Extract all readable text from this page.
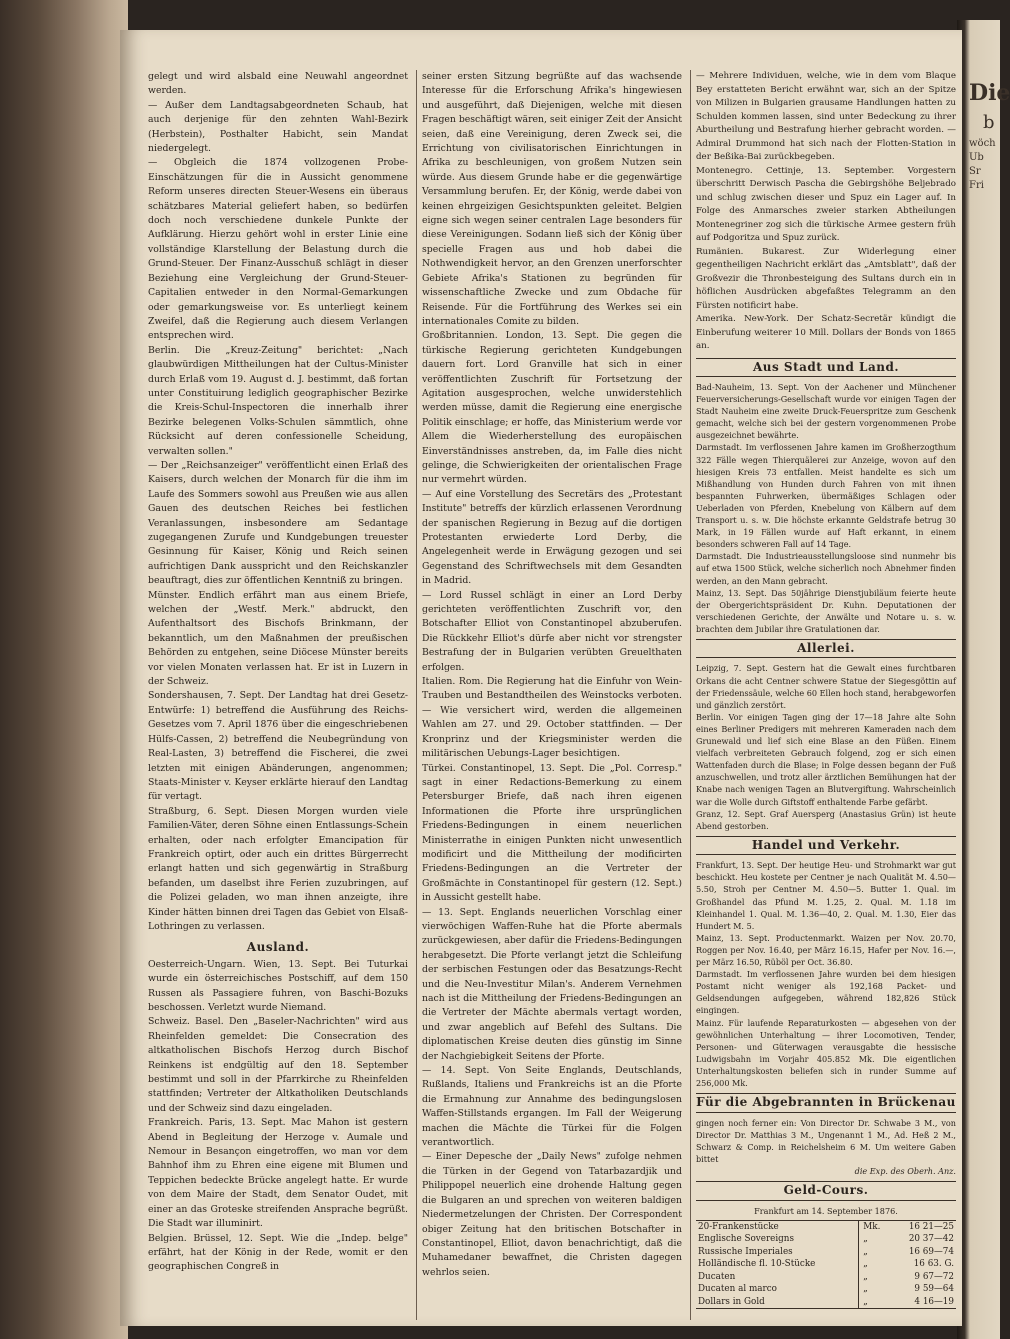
Die
b
wöch
Ub
Sr
Fri

gelegt und wird alsbald eine Neuwahl angeordnet werden.

— Außer dem Landtagsabgeordneten Schaub, hat auch derjenige für den zehnten Wahl-Bezirk (Herbstein), Posthalter Habicht, sein Mandat niedergelegt.

— Obgleich die 1874 vollzogenen Probe-Einschätzungen für die in Aussicht genommene Reform unseres directen Steuer-Wesens ein überaus schätzbares Material geliefert haben, so bedürfen doch noch verschiedene dunkele Punkte der Aufklärung. Hierzu gehört wohl in erster Linie eine vollständige Klarstellung der Belastung durch die Grund-Steuer. Der Finanz-Ausschuß schlägt in dieser Beziehung eine Vergleichung der Grund-Steuer-Capitalien entweder in den Normal-Gemarkungen oder gemarkungsweise vor. Es unterliegt keinem Zweifel, daß die Regierung auch diesem Verlangen entsprechen wird.

Berlin. Die „Kreuz-Zeitung" berichtet: „Nach glaubwürdigen Mittheilungen hat der Cultus-Minister durch Erlaß vom 19. August d. J. bestimmt, daß fortan unter Constituirung lediglich geographischer Bezirke die Kreis-Schul-Inspectoren die innerhalb ihrer Bezirke belegenen Volks-Schulen sämmtlich, ohne Rücksicht auf deren confessionelle Scheidung, verwalten sollen."

— Der „Reichsanzeiger" veröffentlicht einen Erlaß des Kaisers, durch welchen der Monarch für die ihm im Laufe des Sommers sowohl aus Preußen wie aus allen Gauen des deutschen Reiches bei festlichen Veranlassungen, insbesondere am Sedantage zugegangenen Zurufe und Kundgebungen treuester Gesinnung für Kaiser, König und Reich seinen aufrichtigen Dank ausspricht und den Reichskanzler beauftragt, dies zur öffentlichen Kenntniß zu bringen.

Münster. Endlich erfährt man aus einem Briefe, welchen der „Westf. Merk." abdruckt, den Aufenthaltsort des Bischofs Brinkmann, der bekanntlich, um den Maßnahmen der preußischen Behörden zu entgehen, seine Diöcese Münster bereits vor vielen Monaten verlassen hat. Er ist in Luzern in der Schweiz.

Sondershausen, 7. Sept. Der Landtag hat drei Gesetz-Entwürfe: 1) betreffend die Ausführung des Reichs-Gesetzes vom 7. April 1876 über die eingeschriebenen Hülfs-Cassen, 2) betreffend die Neubegründung von Real-Lasten, 3) betreffend die Fischerei, die zwei letzten mit einigen Abänderungen, angenommen; Staats-Minister v. Keyser erklärte hierauf den Landtag für vertagt.

Straßburg, 6. Sept. Diesen Morgen wurden viele Familien-Väter, deren Söhne einen Entlassungs-Schein erhalten, oder nach erfolgter Emancipation für Frankreich optirt, oder auch ein drittes Bürgerrecht erlangt hatten und sich gegenwärtig in Straßburg befanden, um daselbst ihre Ferien zuzubringen, auf die Polizei geladen, wo man ihnen anzeigte, ihre Kinder hätten binnen drei Tagen das Gebiet von Elsaß-Lothringen zu verlassen.

Ausland.

Oesterreich-Ungarn. Wien, 13. Sept. Bei Tuturkai wurde ein österreichisches Postschiff, auf dem 150 Russen als Passagiere fuhren, von Baschi-Bozuks beschossen. Verletzt wurde Niemand.

Schweiz. Basel. Den „Baseler-Nachrichten" wird aus Rheinfelden gemeldet: Die Consecration des altkatholischen Bischofs Herzog durch Bischof Reinkens ist endgültig auf den 18. September bestimmt und soll in der Pfarrkirche zu Rheinfelden stattfinden; Vertreter der Altkatholiken Deutschlands und der Schweiz sind dazu eingeladen.

Frankreich. Paris, 13. Sept. Mac Mahon ist gestern Abend in Begleitung der Herzoge v. Aumale und Nemour in Besançon eingetroffen, wo man vor dem Bahnhof ihm zu Ehren eine eigene mit Blumen und Teppichen bedeckte Brücke angelegt hatte. Er wurde von dem Maire der Stadt, dem Senator Oudet, mit einer an das Groteske streifenden Ansprache begrüßt. Die Stadt war illuminirt.

Belgien. Brüssel, 12. Sept. Wie die „Indep. belge" erfährt, hat der König in der Rede, womit er den geographischen Congreß in

seiner ersten Sitzung begrüßte auf das wachsende Interesse für die Erforschung Afrika's hingewiesen und ausgeführt, daß Diejenigen, welche mit diesen Fragen beschäftigt wären, seit einiger Zeit der Ansicht seien, daß eine Vereinigung, deren Zweck sei, die Errichtung von civilisatorischen Einrichtungen in Afrika zu beschleunigen, von großem Nutzen sein würde. Aus diesem Grunde habe er die gegenwärtige Versammlung berufen. Er, der König, werde dabei von keinen ehrgeizigen Gesichtspunkten geleitet. Belgien eigne sich wegen seiner centralen Lage besonders für diese Vereinigungen. Sodann ließ sich der König über specielle Fragen aus und hob dabei die Nothwendigkeit hervor, an den Grenzen unerforschter Gebiete Afrika's Stationen zu begründen für wissenschaftliche Zwecke und zum Obdache für Reisende. Für die Fortführung des Werkes sei ein internationales Comite zu bilden.

Großbritannien. London, 13. Sept. Die gegen die türkische Regierung gerichteten Kundgebungen dauern fort. Lord Granville hat sich in einer veröffentlichten Zuschrift für Fortsetzung der Agitation ausgesprochen, welche unwiderstehlich werden müsse, damit die Regierung eine energische Politik einschlage; er hoffe, das Ministerium werde vor Allem die Wiederherstellung des europäischen Einverständnisses anstreben, da, im Falle dies nicht gelinge, die Schwierigkeiten der orientalischen Frage nur vermehrt würden.

— Auf eine Vorstellung des Secretärs des „Protestant Institute" betreffs der kürzlich erlassenen Verordnung der spanischen Regierung in Bezug auf die dortigen Protestanten erwiederte Lord Derby, die Angelegenheit werde in Erwägung gezogen und sei Gegenstand des Schriftwechsels mit dem Gesandten in Madrid.

— Lord Russel schlägt in einer an Lord Derby gerichteten veröffentlichten Zuschrift vor, den Botschafter Elliot von Constantinopel abzuberufen. Die Rückkehr Elliot's dürfe aber nicht vor strengster Bestrafung der in Bulgarien verübten Greuelthaten erfolgen.

Italien. Rom. Die Regierung hat die Einfuhr von Wein-Trauben und Bestandtheilen des Weinstocks verboten. — Wie versichert wird, werden die allgemeinen Wahlen am 27. und 29. October stattfinden. — Der Kronprinz und der Kriegsminister werden die militärischen Uebungs-Lager besichtigen.

Türkei. Constantinopel, 13. Sept. Die „Pol. Corresp." sagt in einer Redactions-Bemerkung zu einem Petersburger Briefe, daß nach ihren eigenen Informationen die Pforte ihre ursprünglichen Friedens-Bedingungen in einem neuerlichen Ministerrathe in einigen Punkten nicht unwesentlich modificirt und die Mittheilung der modificirten Friedens-Bedingungen an die Vertreter der Großmächte in Constantinopel für gestern (12. Sept.) in Aussicht gestellt habe.

— 13. Sept. Englands neuerlichen Vorschlag einer vierwöchigen Waffen-Ruhe hat die Pforte abermals zurückgewiesen, aber dafür die Friedens-Bedingungen herabgesetzt. Die Pforte verlangt jetzt die Schleifung der serbischen Festungen oder das Besatzungs-Recht und die Neu-Investitur Milan's. Anderem Vernehmen nach ist die Mittheilung der Friedens-Bedingungen an die Vertreter der Mächte abermals vertagt worden, und zwar angeblich auf Befehl des Sultans. Die diplomatischen Kreise deuten dies günstig im Sinne der Nachgiebigkeit Seitens der Pforte.

— 14. Sept. Von Seite Englands, Deutschlands, Rußlands, Italiens und Frankreichs ist an die Pforte die Ermahnung zur Annahme des bedingungslosen Waffen-Stillstands ergangen. Im Fall der Weigerung machen die Mächte die Türkei für die Folgen verantwortlich.

— Einer Depesche der „Daily News" zufolge nehmen die Türken in der Gegend von Tatarbazardjik und Philippopel neuerlich eine drohende Haltung gegen die Bulgaren an und sprechen von weiteren baldigen Niedermetzelungen der Christen. Der Correspondent obiger Zeitung hat den britischen Botschafter in Constantinopel, Elliot, davon benachrichtigt, daß die Muhamedaner bewaffnet, die Christen dagegen wehrlos seien.

— Mehrere Individuen, welche, wie in dem vom Blaque Bey erstatteten Bericht erwähnt war, sich an der Spitze von Milizen in Bulgarien grausame Handlungen hatten zu Schulden kommen lassen, sind unter Bedeckung zu ihrer Aburtheilung und Bestrafung hierher gebracht worden. — Admiral Drummond hat sich nach der Flotten-Station in der Beßika-Bai zurückbegeben.

Montenegro. Cettinje, 13. September. Vorgestern überschritt Derwisch Pascha die Gebirgshöhe Beljebrado und schlug zwischen dieser und Spuz ein Lager auf. In Folge des Anmarsches zweier starken Abtheilungen Montenegriner zog sich die türkische Armee gestern früh auf Podgoritza und Spuz zurück.

Rumänien. Bukarest. Zur Widerlegung einer gegentheiligen Nachricht erklärt das „Amtsblatt", daß der Großvezir die Thronbesteigung des Sultans durch ein in höflichen Ausdrücken abgefaßtes Telegramm an den Fürsten notificirt habe.

Amerika. New-York. Der Schatz-Secretär kündigt die Einberufung weiterer 10 Mill. Dollars der Bonds von 1865 an.

Aus Stadt und Land.

Bad-Nauheim, 13. Sept. Von der Aachener und Münchener Feuerversicherungs-Gesellschaft wurde vor einigen Tagen der Stadt Nauheim eine zweite Druck-Feuerspritze zum Geschenk gemacht, welche sich bei der gestern vorgenommenen Probe ausgezeichnet bewährte.

Darmstadt. Im verflossenen Jahre kamen im Großherzogthum 322 Fälle wegen Thierquälerei zur Anzeige, wovon auf den hiesigen Kreis 73 entfallen. Meist handelte es sich um Mißhandlung von Hunden durch Fahren von mit ihnen bespannten Fuhrwerken, übermäßiges Schlagen oder Ueberladen von Pferden, Knebelung von Kälbern auf dem Transport u. s. w. Die höchste erkannte Geldstrafe betrug 30 Mark, in 19 Fällen wurde auf Haft erkannt, in einem besonders schweren Fall auf 14 Tage.

Darmstadt. Die Industrieausstellungsloose sind nunmehr bis auf etwa 1500 Stück, welche sicherlich noch Abnehmer finden werden, an den Mann gebracht.

Mainz, 13. Sept. Das 50jährige Dienstjubiläum feierte heute der Obergerichtspräsident Dr. Kuhn. Deputationen der verschiedenen Gerichte, der Anwälte und Notare u. s. w. brachten dem Jubilar ihre Gratulationen dar.

Allerlei.

Leipzig, 7. Sept. Gestern hat die Gewalt eines furchtbaren Orkans die acht Centner schwere Statue der Siegesgöttin auf der Friedenssäule, welche 60 Ellen hoch stand, herabgeworfen und gänzlich zerstört.

Berlin. Vor einigen Tagen ging der 17—18 Jahre alte Sohn eines Berliner Predigers mit mehreren Kameraden nach dem Grunewald und lief sich eine Blase an den Füßen. Einem vielfach verbreiteten Gebrauch folgend, zog er sich einen Wattenfaden durch die Blase; in Folge dessen begann der Fuß anzuschwellen, und trotz aller ärztlichen Bemühungen hat der Knabe nach wenigen Tagen an Blutvergiftung. Wahrscheinlich war die Wolle durch Giftstoff enthaltende Farbe gefärbt.

Granz, 12. Sept. Graf Auersperg (Anastasius Grün) ist heute Abend gestorben.

Handel und Verkehr.

Frankfurt, 13. Sept. Der heutige Heu- und Strohmarkt war gut beschickt. Heu kostete per Centner je nach Qualität M. 4.50—5.50, Stroh per Centner M. 4.50—5. Butter 1. Qual. im Großhandel das Pfund M. 1.25, 2. Qual. M. 1.18 im Kleinhandel 1. Qual. M. 1.36—40, 2. Qual. M. 1.30, Eier das Hundert M. 5.

Mainz, 13. Sept. Productenmarkt. Waizen per Nov. 20.70, Roggen per Nov. 16.40, per März 16.15, Hafer per Nov. 16.—, per März 16.50, Rüböl per Oct. 36.80.

Darmstadt. Im verflossenen Jahre wurden bei dem hiesigen Postamt nicht weniger als 192,168 Packet- und Geldsendungen aufgegeben, während 182,826 Stück eingingen.

Mainz. Für laufende Reparaturkosten — abgesehen von der gewöhnlichen Unterhaltung — ihrer Locomotiven, Tender, Personen- und Güterwagen verausgabte die hessische Ludwigsbahn im Vorjahr 405.852 Mk. Die eigentlichen Unterhaltungskosten beliefen sich in runder Summe auf 256,000 Mk.

Für die Abgebrannten in Brückenau

gingen noch ferner ein: Von Director Dr. Schwabe 3 M., von Director Dr. Matthias 3 M., Ungenannt 1 M., Ad. Heß 2 M., Schwarz & Comp. in Reichelsheim 6 M. Um weitere Gaben bittet

die Exp. des Oberh. Anz.

Geld-Cours.

Frankfurt am 14. September 1876.

20-Frankenstücke	Mk.	16 21—25
Englische Sovereigns	„	20 37—42
Russische Imperiales	„	16 69—74
Holländische fl. 10-Stücke	„	16 63. G.
Ducaten	„	9 67—72
Ducaten al marco	„	9 59—64
Dollars in Gold	„	4 16—19
